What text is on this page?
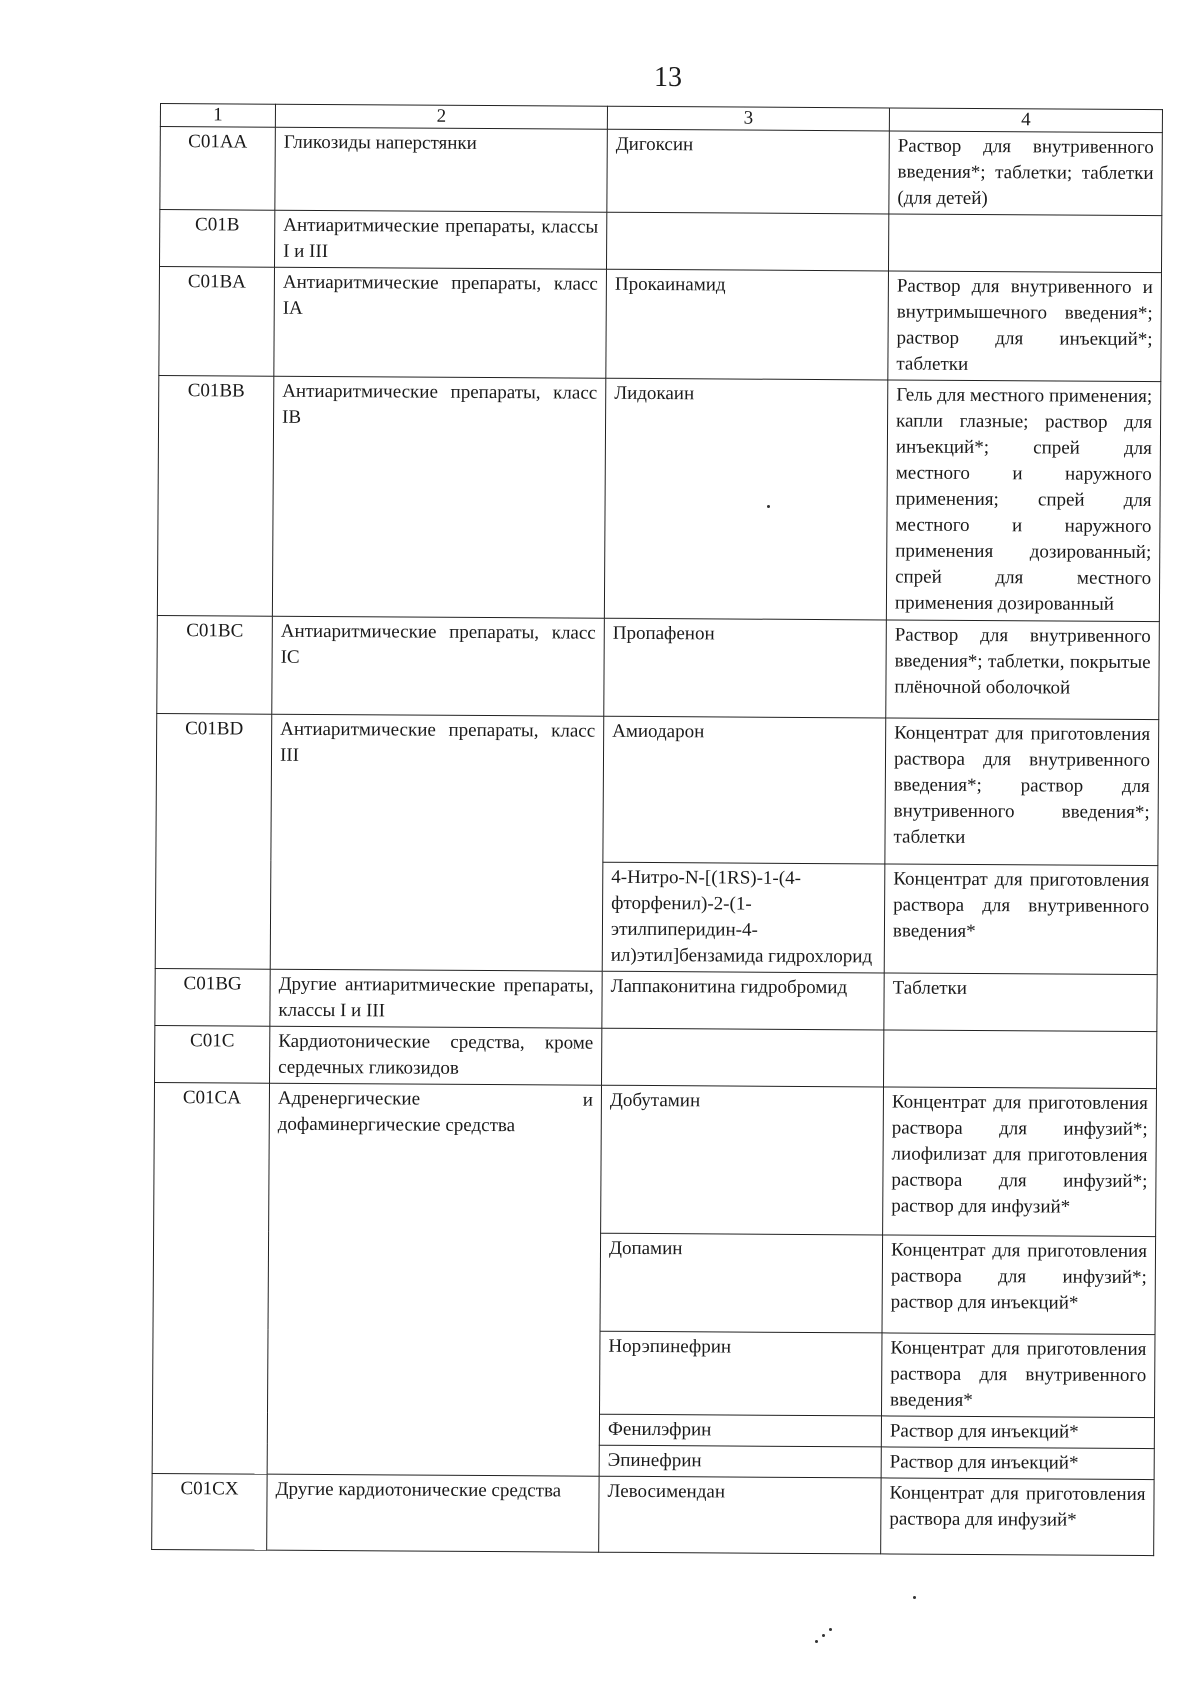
13
1	2	3	4
C01AA	Гликозиды наперстянки	Дигоксин	Раствор для внутривенного введения*; таблетки; таблетки (для детей)
C01B	Антиаритмические препараты, классы I и III		
C01BA	Антиаритмические препараты, класс IA	Прокаинамид	Раствор для внутривенного и внутримышечного введения*; раствор для инъекций*; таблетки
C01BB	Антиаритмические препараты, класс IB	Лидокаин	Гель для местного применения; капли глазные; раствор для инъекций*; спрей для местного и наружного применения; спрей для местного и наружного применения дозированный; спрей для местного применения дозированный
C01BC	Антиаритмические препараты, класс IC	Пропафенон	Раствор для внутривенного введения*; таблетки, покрытые плёночной оболочкой
C01BD	Антиаритмические препараты, класс III	Амиодарон	Концентрат для приготовления раствора для внутривенного введения*; раствор для внутривенного введения*; таблетки
		4-Нитро-N-[(1RS)-1-(4-фторфенил)-2-(1-этилпиперидин-4-ил)этил]бензамида гидрохлорид	Концентрат для приготовления раствора для внутривенного введения*
C01BG	Другие антиаритмические препараты, классы I и III	Лаппаконитина гидробромид	Таблетки
C01C	Кардиотонические средства, кроме сердечных гликозидов		
C01CA	Адренергические и дофаминергические средства	Добутамин	Концентрат для приготовления раствора для инфузий*; лиофилизат для приготовления раствора для инфузий*; раствор для инфузий*
		Допамин	Концентрат для приготовления раствора для инфузий*; раствор для инъекций*
		Норэпинефрин	Концентрат для приготовления раствора для внутривенного введения*
		Фенилэфрин	Раствор для инъекций*
		Эпинефрин	Раствор для инъекций*
C01CX	Другие кардиотонические средства	Левосимендан	Концентрат для приготовления раствора для инфузий*
